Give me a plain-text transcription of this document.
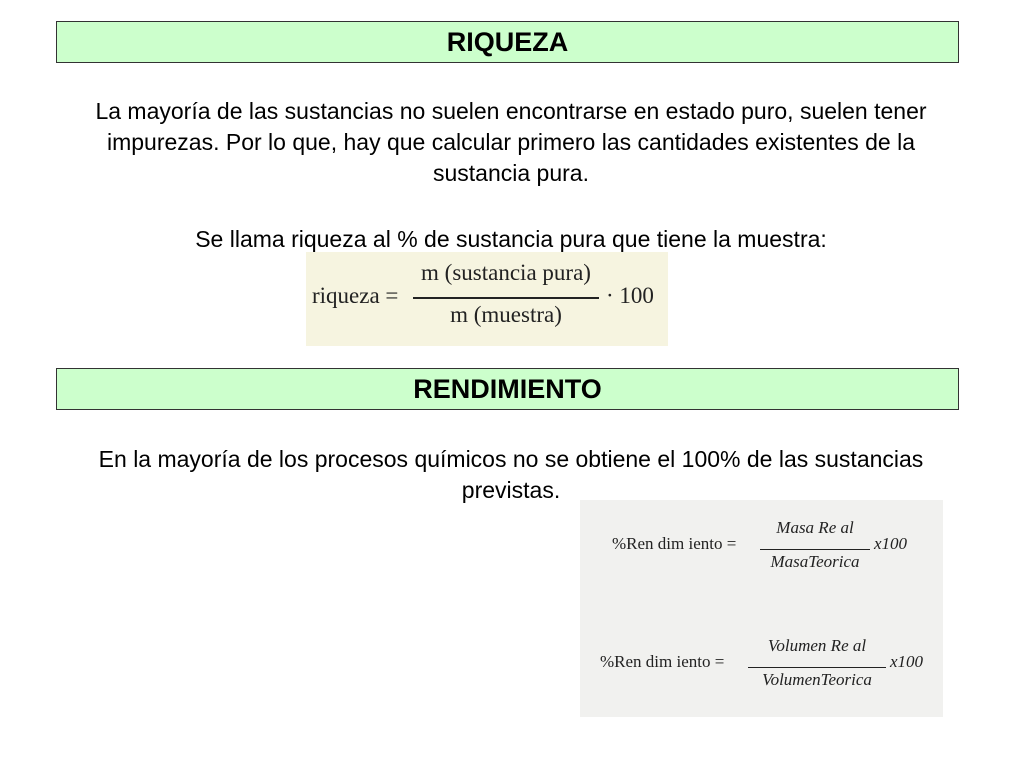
RIQUEZA

La mayoría de las sustancias no suelen encontrarse en estado puro, suelen tener impurezas. Por lo que, hay que calcular primero las cantidades existentes de la sustancia pura.

Se llama riqueza al % de sustancia pura que tiene la muestra:

riqueza =
m (sustancia pura)
m (muestra)
· 100
RENDIMIENTO

En la mayoría de los procesos químicos no se obtiene el 100% de las sustancias previstas.

%Ren dim iento =
Masa Re al
MasaTeorica
x100
%Ren dim iento =
Volumen Re al
VolumenTeorica
x100
